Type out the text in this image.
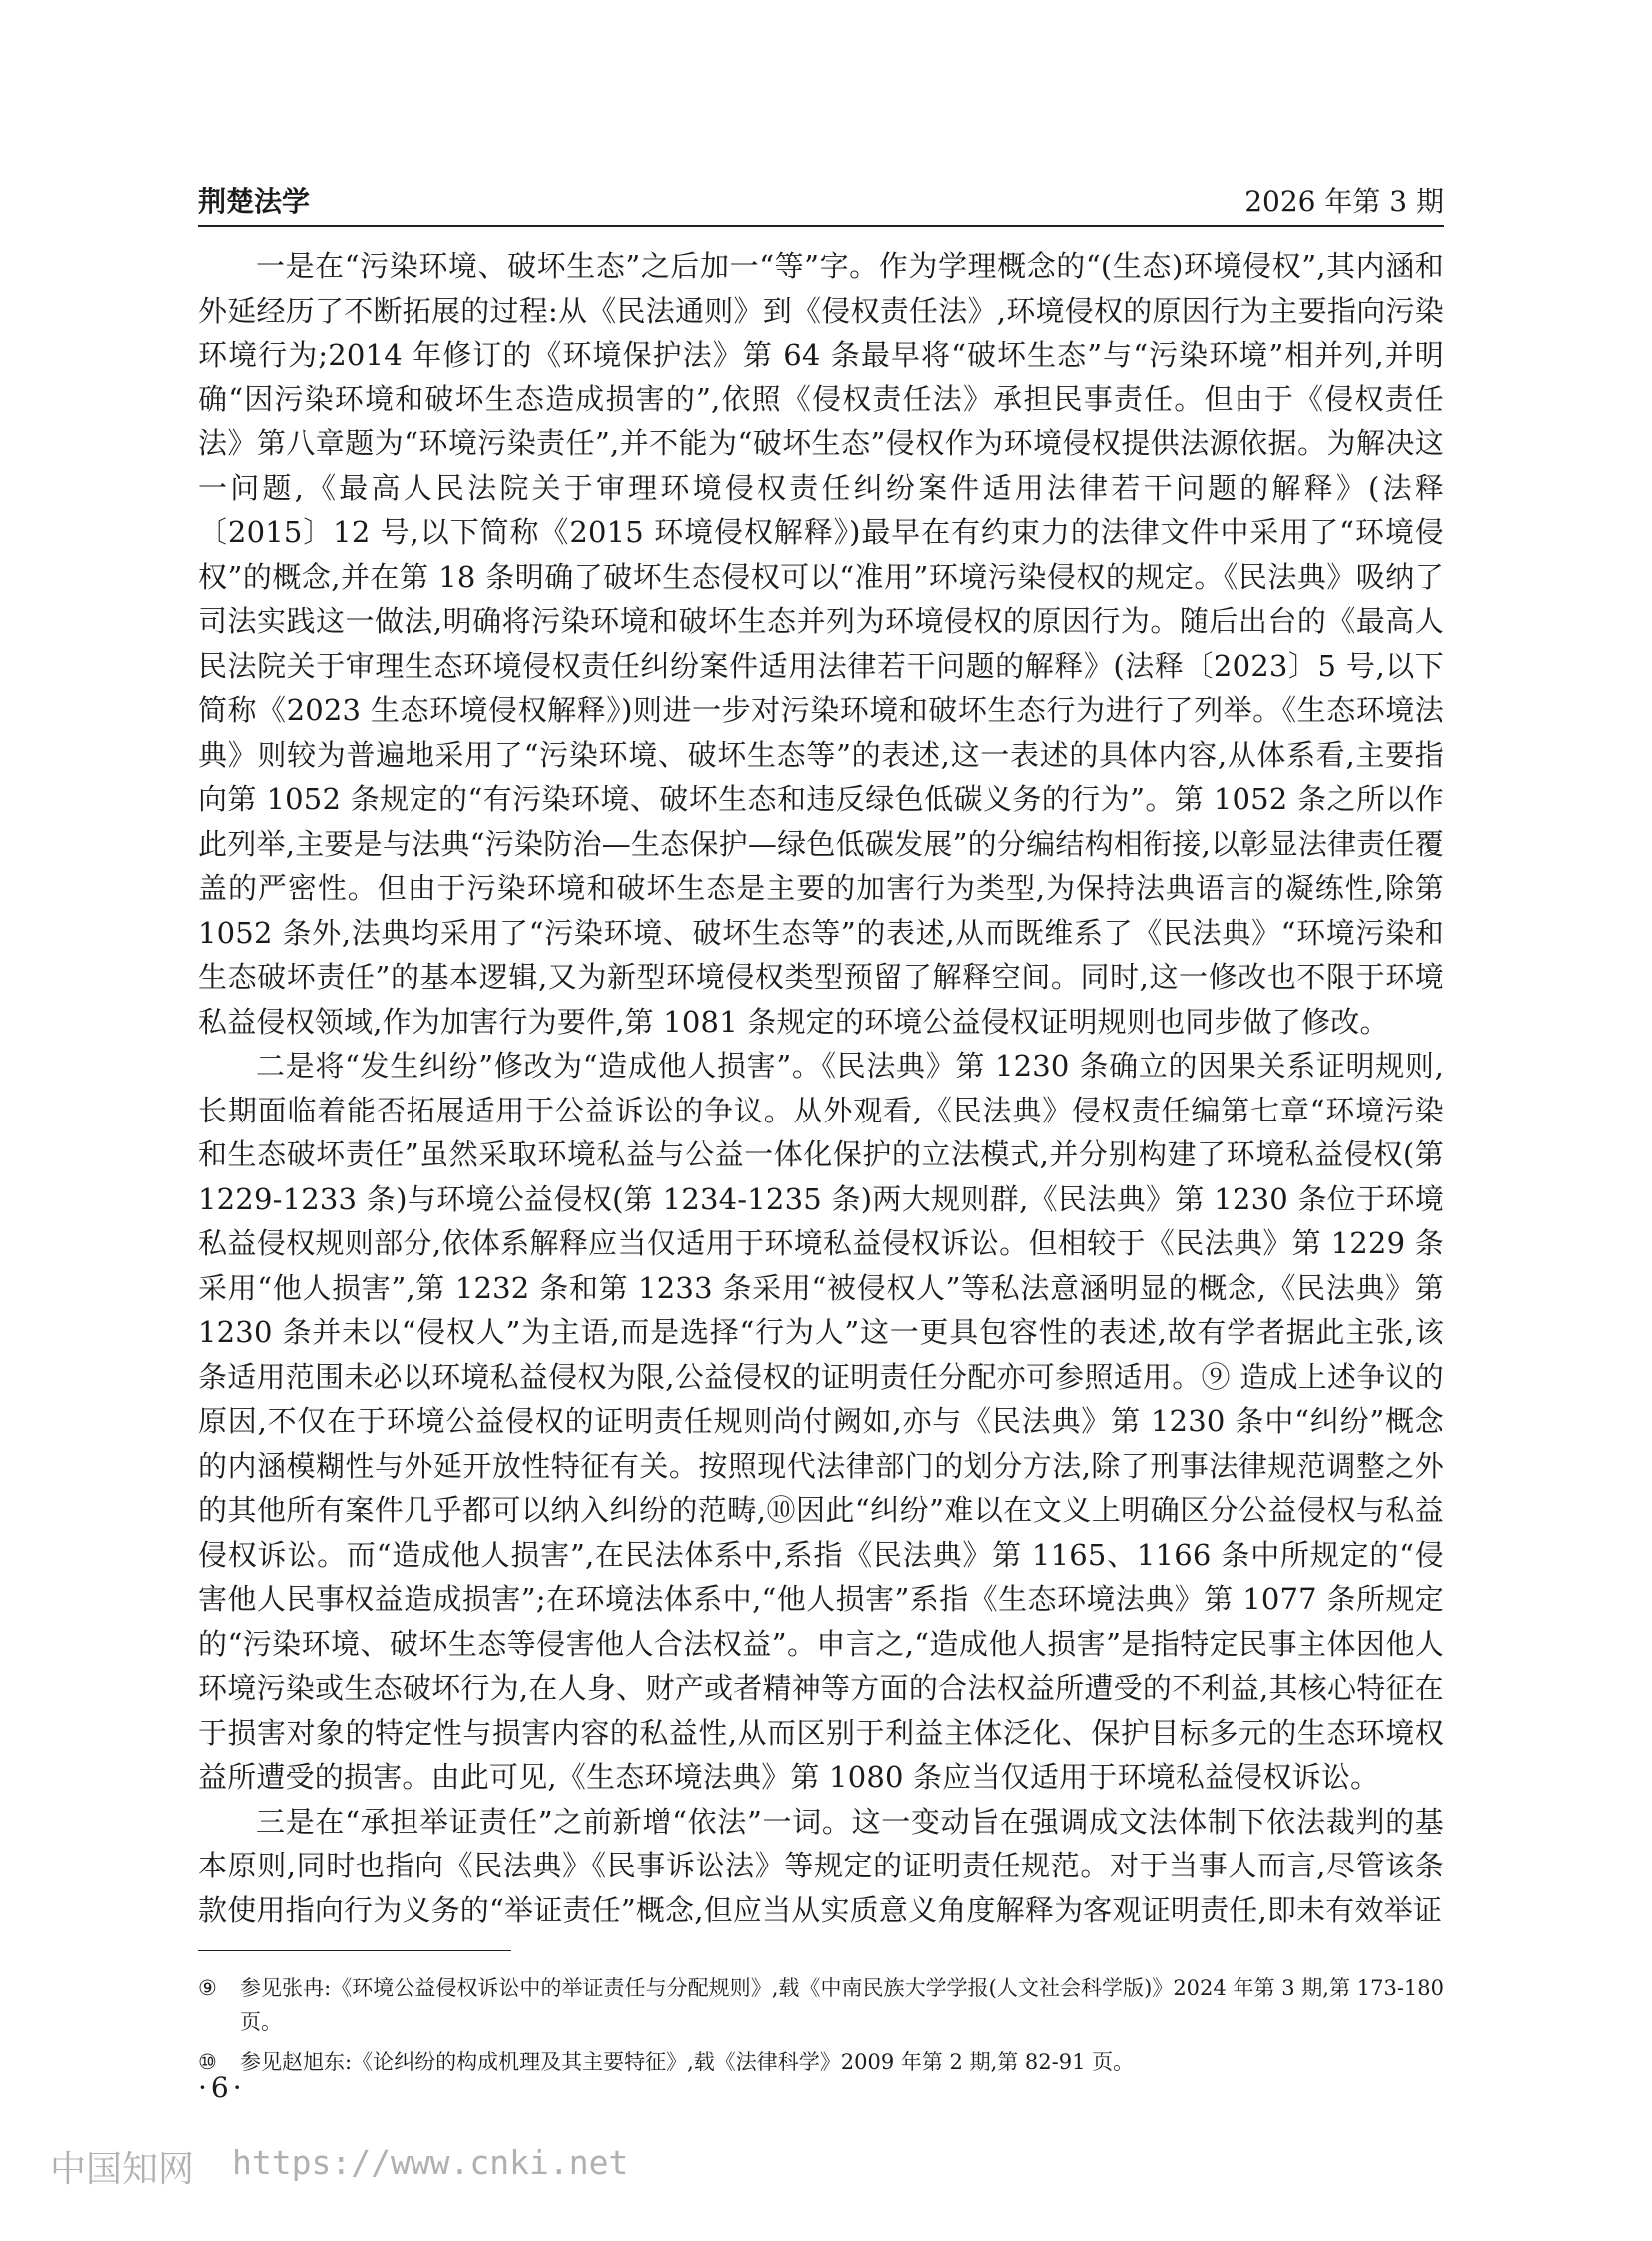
荆楚法学	2026 年第 3 期

一是在“污染环境、破坏生态”之后加一“等”字。作为学理概念的“(生态)环境侵权”,其内涵和外延经历了不断拓展的过程:从《民法通则》到《侵权责任法》,环境侵权的原因行为主要指向污染环境行为;2014 年修订的《环境保护法》第 64 条最早将“破坏生态”与“污染环境”相并列,并明确“因污染环境和破坏生态造成损害的”,依照《侵权责任法》承担民事责任。但由于《侵权责任法》第八章题为“环境污染责任”,并不能为“破坏生态”侵权作为环境侵权提供法源依据。为解决这一问题,《最高人民法院关于审理环境侵权责任纠纷案件适用法律若干问题的解释》(法释〔2015〕12 号,以下简称《2015 环境侵权解释》)最早在有约束力的法律文件中采用了“环境侵权”的概念,并在第 18 条明确了破坏生态侵权可以“准用”环境污染侵权的规定。《民法典》吸纳了司法实践这一做法,明确将污染环境和破坏生态并列为环境侵权的原因行为。随后出台的《最高人民法院关于审理生态环境侵权责任纠纷案件适用法律若干问题的解释》(法释〔2023〕5 号,以下简称《2023 生态环境侵权解释》)则进一步对污染环境和破坏生态行为进行了列举。《生态环境法典》则较为普遍地采用了“污染环境、破坏生态等”的表述,这一表述的具体内容,从体系看,主要指向第 1052 条规定的“有污染环境、破坏生态和违反绿色低碳义务的行为”。第 1052 条之所以作此列举,主要是与法典“污染防治—生态保护—绿色低碳发展”的分编结构相衔接,以彰显法律责任覆盖的严密性。但由于污染环境和破坏生态是主要的加害行为类型,为保持法典语言的凝练性,除第 1052 条外,法典均采用了“污染环境、破坏生态等”的表述,从而既维系了《民法典》“环境污染和生态破坏责任”的基本逻辑,又为新型环境侵权类型预留了解释空间。同时,这一修改也不限于环境私益侵权领域,作为加害行为要件,第 1081 条规定的环境公益侵权证明规则也同步做了修改。

二是将“发生纠纷”修改为“造成他人损害”。《民法典》第 1230 条确立的因果关系证明规则,长期面临着能否拓展适用于公益诉讼的争议。从外观看,《民法典》侵权责任编第七章“环境污染和生态破坏责任”虽然采取环境私益与公益一体化保护的立法模式,并分别构建了环境私益侵权(第 1229-1233 条)与环境公益侵权(第 1234-1235 条)两大规则群,《民法典》第 1230 条位于环境私益侵权规则部分,依体系解释应当仅适用于环境私益侵权诉讼。但相较于《民法典》第 1229 条采用“他人损害”,第 1232 条和第 1233 条采用“被侵权人”等私法意涵明显的概念,《民法典》第 1230 条并未以“侵权人”为主语,而是选择“行为人”这一更具包容性的表述,故有学者据此主张,该条适用范围未必以环境私益侵权为限,公益侵权的证明责任分配亦可参照适用。⑨ 造成上述争议的原因,不仅在于环境公益侵权的证明责任规则尚付阙如,亦与《民法典》第 1230 条中“纠纷”概念的内涵模糊性与外延开放性特征有关。按照现代法律部门的划分方法,除了刑事法律规范调整之外的其他所有案件几乎都可以纳入纠纷的范畴,⑩因此“纠纷”难以在文义上明确区分公益侵权与私益侵权诉讼。而“造成他人损害”,在民法体系中,系指《民法典》第 1165、1166 条中所规定的“侵害他人民事权益造成损害”;在环境法体系中,“他人损害”系指《生态环境法典》第 1077 条所规定的“污染环境、破坏生态等侵害他人合法权益”。申言之,“造成他人损害”是指特定民事主体因他人环境污染或生态破坏行为,在人身、财产或者精神等方面的合法权益所遭受的不利益,其核心特征在于损害对象的特定性与损害内容的私益性,从而区别于利益主体泛化、保护目标多元的生态环境权益所遭受的损害。由此可见,《生态环境法典》第 1080 条应当仅适用于环境私益侵权诉讼。

三是在“承担举证责任”之前新增“依法”一词。这一变动旨在强调成文法体制下依法裁判的基本原则,同时也指向《民法典》《民事诉讼法》等规定的证明责任规范。对于当事人而言,尽管该条款使用指向行为义务的“举证责任”概念,但应当从实质意义角度解释为客观证明责任,即未有效举证

⑨ 参见张冉:《环境公益侵权诉讼中的举证责任与分配规则》,载《中南民族大学学报(人文社会科学版)》2024 年第 3 期,第 173-180 页。
⑩ 参见赵旭东:《论纠纷的构成机理及其主要特征》,载《法律科学》2009 年第 2 期,第 82-91 页。
·6·
中国知网 https://www.cnki.net
